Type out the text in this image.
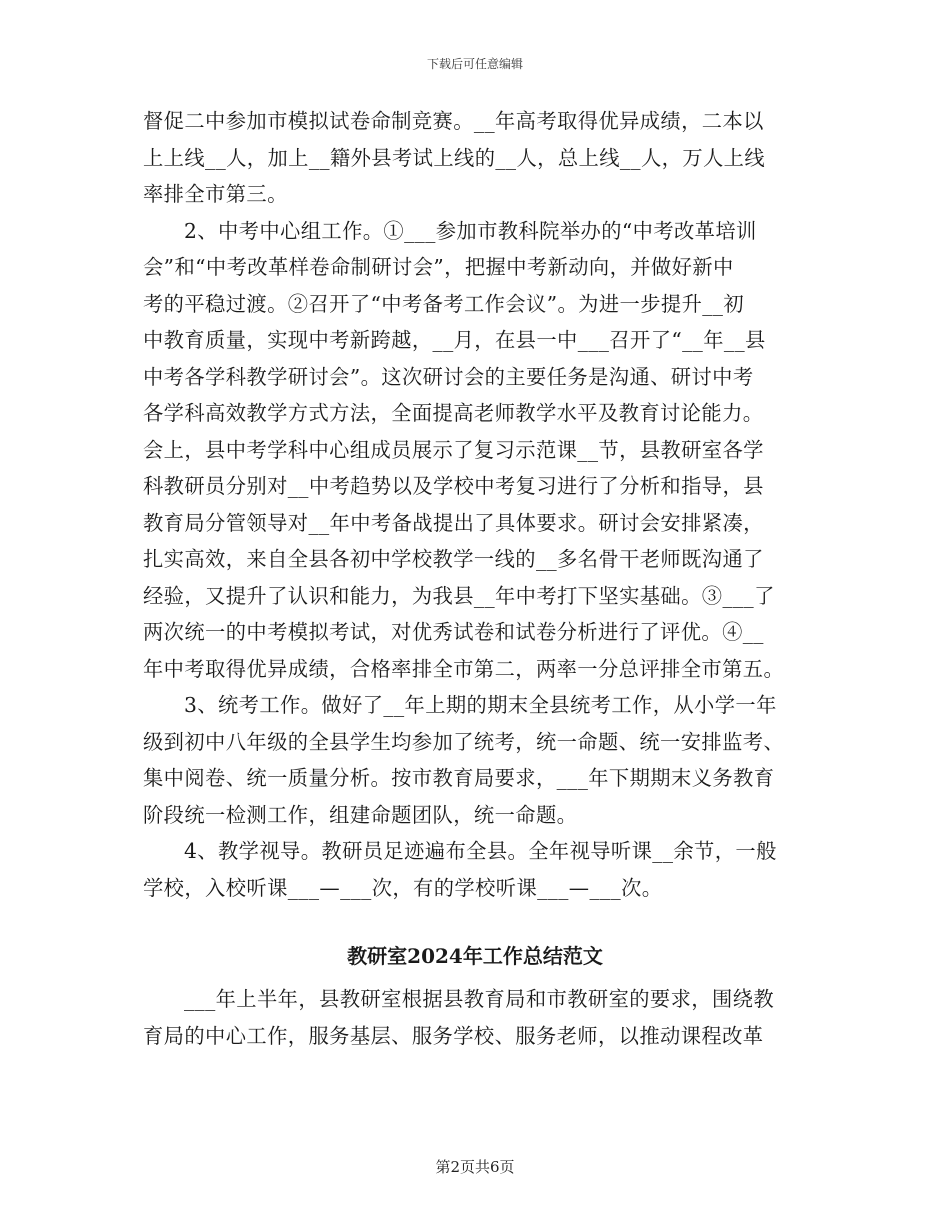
下载后可任意编辑
督促二中参加市模拟试卷命制竞赛。__年高考取得优异成绩，二本以
上上线__人，加上__籍外县考试上线的__人，总上线__人，万人上线
率排全市第三。
2、中考中心组工作。①___参加市教科院举办的“中考改革培训
会”和“中考改革样卷命制研讨会”，把握中考新动向，并做好新中
考的平稳过渡。②召开了“中考备考工作会议”。为进一步提升__初
中教育质量，实现中考新跨越，__月，在县一中___召开了“__年__县
中考各学科教学研讨会”。这次研讨会的主要任务是沟通、研讨中考
各学科高效教学方式方法，全面提高老师教学水平及教育讨论能力。
会上，县中考学科中心组成员展示了复习示范课__节，县教研室各学
科教研员分别对__中考趋势以及学校中考复习进行了分析和指导，县
教育局分管领导对__年中考备战提出了具体要求。研讨会安排紧凑，
扎实高效，来自全县各初中学校教学一线的__多名骨干老师既沟通了
经验，又提升了认识和能力，为我县__年中考打下坚实基础。③___了
两次统一的中考模拟考试，对优秀试卷和试卷分析进行了评优。④__
年中考取得优异成绩，合格率排全市第二，两率一分总评排全市第五。
3、统考工作。做好了__年上期的期末全县统考工作，从小学一年
级到初中八年级的全县学生均参加了统考，统一命题、统一安排监考、
集中阅卷、统一质量分析。按市教育局要求，___年下期期末义务教育
阶段统一检测工作，组建命题团队，统一命题。
4、教学视导。教研员足迹遍布全县。全年视导听课__余节，一般
学校，入校听课___—___次，有的学校听课___—___次。
教研室2024年工作总结范文
___年上半年，县教研室根据县教育局和市教研室的要求，围绕教
育局的中心工作，服务基层、服务学校、服务老师，以推动课程改革
第2页共6页
